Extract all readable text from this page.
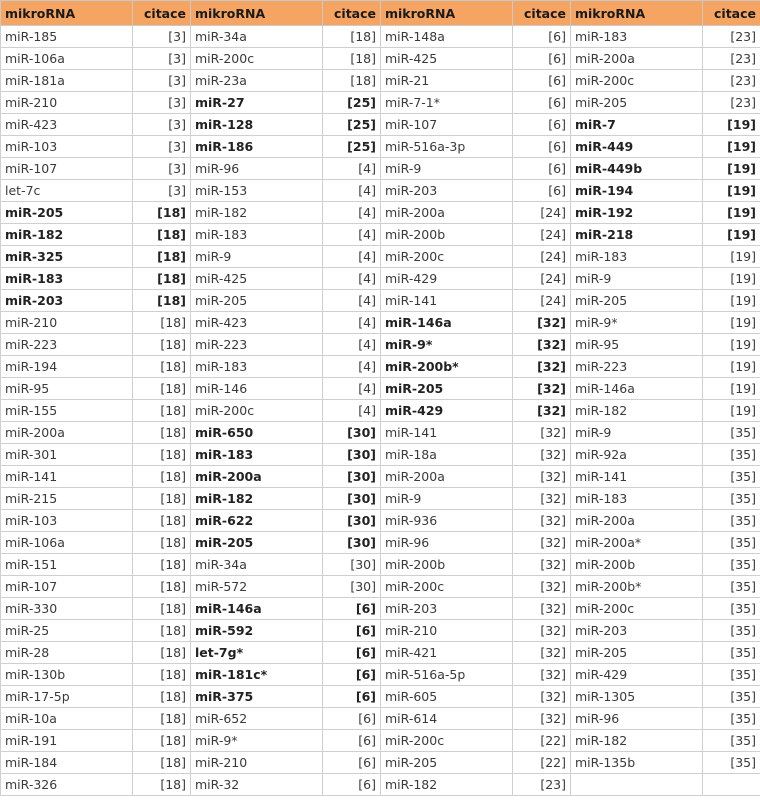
mikroRNA	citace	mikroRNA	citace	mikroRNA	citace	mikroRNA	citace
miR-185	[3]	miR-34a	[18]	miR-148a	[6]	miR-183	[23]
miR-106a	[3]	miR-200c	[18]	miR-425	[6]	miR-200a	[23]
miR-181a	[3]	miR-23a	[18]	miR-21	[6]	miR-200c	[23]
miR-210	[3]	miR-27	[25]	miR-7-1*	[6]	miR-205	[23]
miR-423	[3]	miR-128	[25]	miR-107	[6]	miR-7	[19]
miR-103	[3]	miR-186	[25]	miR-516a-3p	[6]	miR-449	[19]
miR-107	[3]	miR-96	[4]	miR-9	[6]	miR-449b	[19]
let-7c	[3]	miR-153	[4]	miR-203	[6]	miR-194	[19]
miR-205	[18]	miR-182	[4]	miR-200a	[24]	miR-192	[19]
miR-182	[18]	miR-183	[4]	miR-200b	[24]	miR-218	[19]
miR-325	[18]	miR-9	[4]	miR-200c	[24]	miR-183	[19]
miR-183	[18]	miR-425	[4]	miR-429	[24]	miR-9	[19]
miR-203	[18]	miR-205	[4]	miR-141	[24]	miR-205	[19]
miR-210	[18]	miR-423	[4]	miR-146a	[32]	miR-9*	[19]
miR-223	[18]	miR-223	[4]	miR-9*	[32]	miR-95	[19]
miR-194	[18]	miR-183	[4]	miR-200b*	[32]	miR-223	[19]
miR-95	[18]	miR-146	[4]	miR-205	[32]	miR-146a	[19]
miR-155	[18]	miR-200c	[4]	miR-429	[32]	miR-182	[19]
miR-200a	[18]	miR-650	[30]	miR-141	[32]	miR-9	[35]
miR-301	[18]	miR-183	[30]	miR-18a	[32]	miR-92a	[35]
miR-141	[18]	miR-200a	[30]	miR-200a	[32]	miR-141	[35]
miR-215	[18]	miR-182	[30]	miR-9	[32]	miR-183	[35]
miR-103	[18]	miR-622	[30]	miR-936	[32]	miR-200a	[35]
miR-106a	[18]	miR-205	[30]	miR-96	[32]	miR-200a*	[35]
miR-151	[18]	miR-34a	[30]	miR-200b	[32]	miR-200b	[35]
miR-107	[18]	miR-572	[30]	miR-200c	[32]	miR-200b*	[35]
miR-330	[18]	miR-146a	[6]	miR-203	[32]	miR-200c	[35]
miR-25	[18]	miR-592	[6]	miR-210	[32]	miR-203	[35]
miR-28	[18]	let-7g*	[6]	miR-421	[32]	miR-205	[35]
miR-130b	[18]	miR-181c*	[6]	miR-516a-5p	[32]	miR-429	[35]
miR-17-5p	[18]	miR-375	[6]	miR-605	[32]	miR-1305	[35]
miR-10a	[18]	miR-652	[6]	miR-614	[32]	miR-96	[35]
miR-191	[18]	miR-9*	[6]	miR-200c	[22]	miR-182	[35]
miR-184	[18]	miR-210	[6]	miR-205	[22]	miR-135b	[35]
miR-326	[18]	miR-32	[6]	miR-182	[23]		
